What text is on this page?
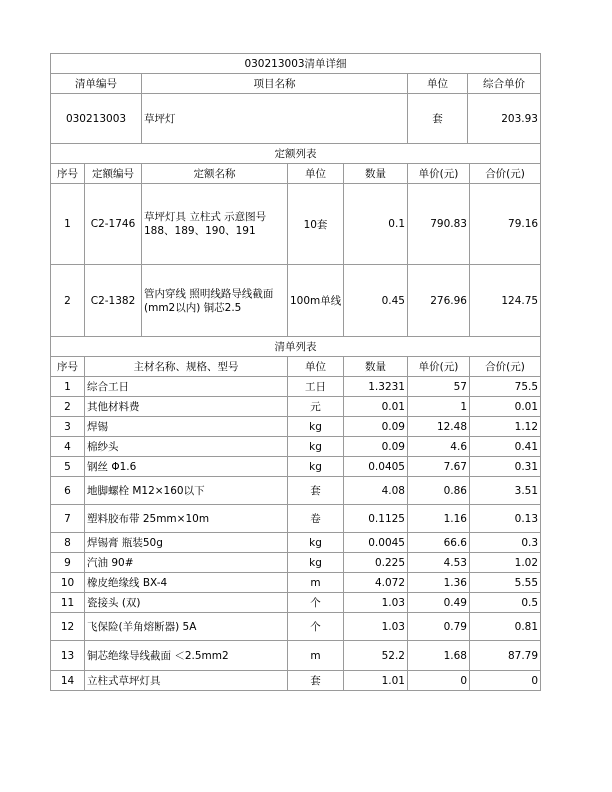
030213003清单详细			
清单编号	项目名称	单位	综合单价
030213003	草坪灯	套	203.93
定额列表						
序号	定额编号	定额名称	单位	数量	单价(元)	合价(元)
1	C2-1746	草坪灯具 立柱式 示意图号188、189、190、191	10套	0.1	790.83	79.16
2	C2-1382	管内穿线 照明线路导线截面(mm2以内) 铜芯2.5	100m单线	0.45	276.96	124.75
清单列表					
序号	主材名称、规格、型号	单位	数量	单价(元)	合价(元)
1	综合工日	工日	1.3231	57	75.5
2	其他材料费	元	0.01	1	0.01
3	焊锡	kg	0.09	12.48	1.12
4	棉纱头	kg	0.09	4.6	0.41
5	钢丝 Φ1.6	kg	0.0405	7.67	0.31
6	地脚螺栓 M12×160以下	套	4.08	0.86	3.51
7	塑料胶布带 25mm×10m	卷	0.1125	1.16	0.13
8	焊锡膏 瓶装50g	kg	0.0045	66.6	0.3
9	汽油 90#	kg	0.225	4.53	1.02
10	橡皮绝缘线 BX-4	m	4.072	1.36	5.55
11	瓷接头 (双)	个	1.03	0.49	0.5
12	飞保险(羊角熔断器) 5A	个	1.03	0.79	0.81
13	铜芯绝缘导线截面 ＜2.5mm2	m	52.2	1.68	87.79
14	立柱式草坪灯具	套	1.01	0	0
